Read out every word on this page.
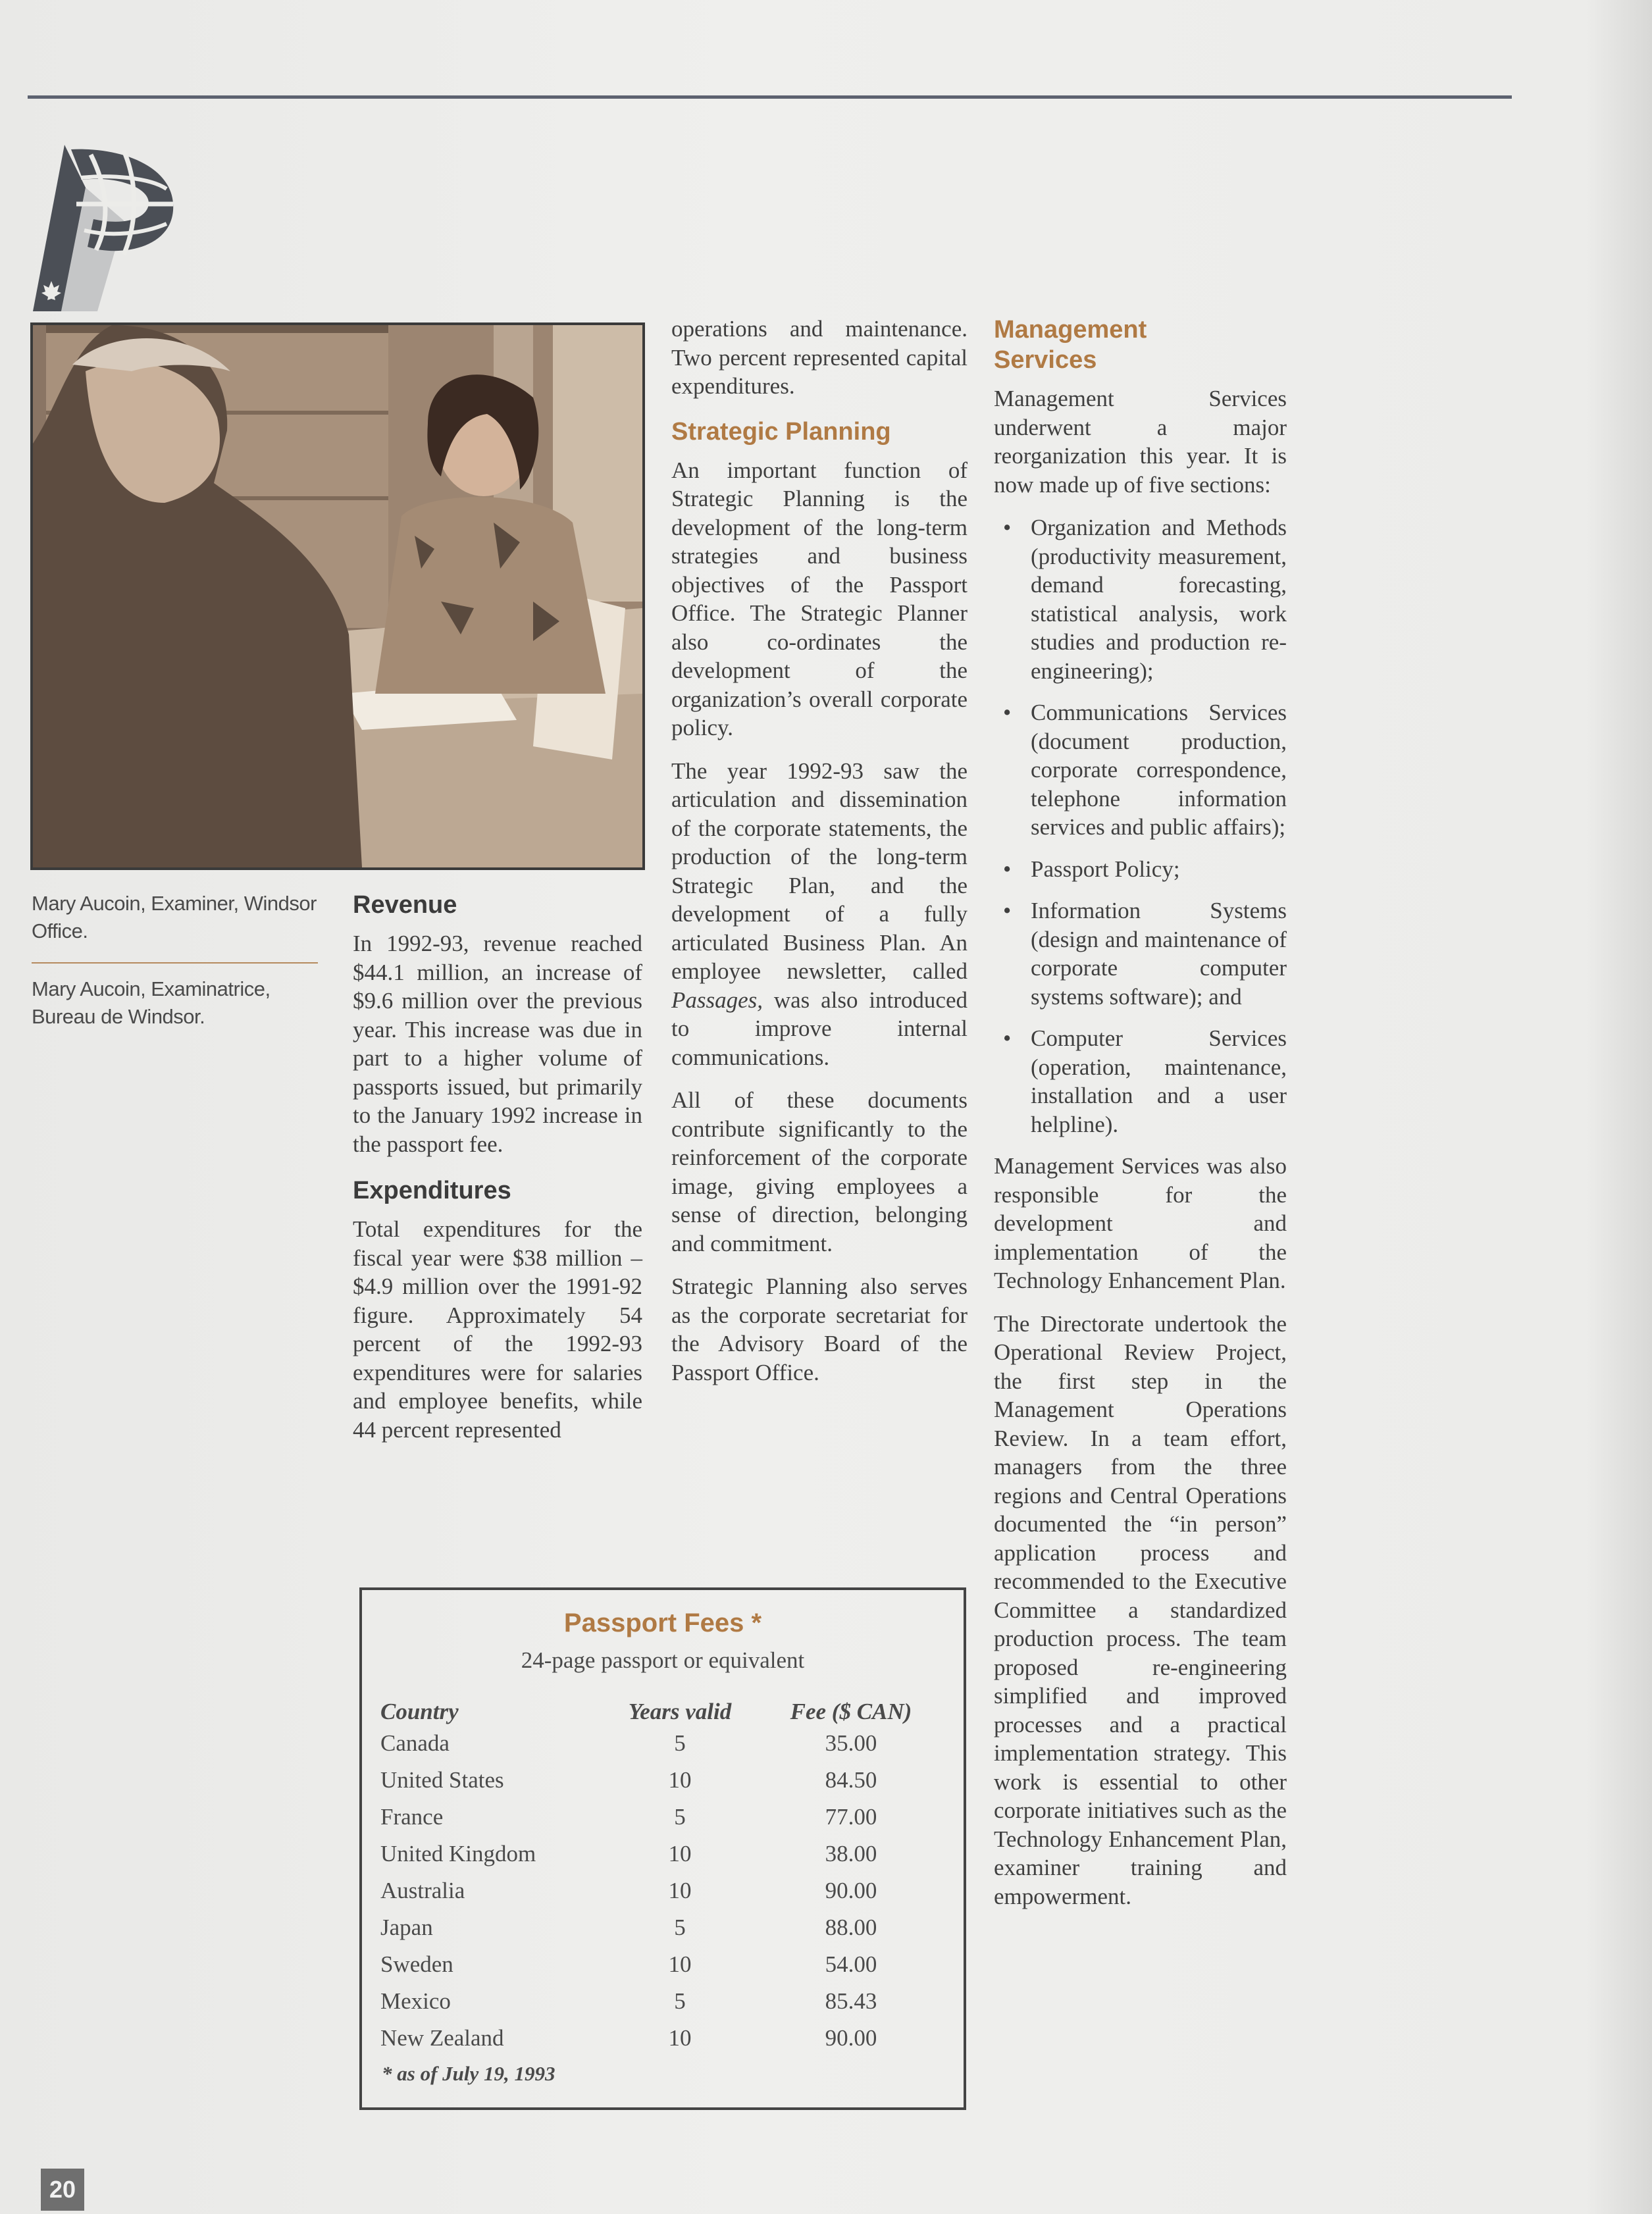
Mary Aucoin, Examiner, Windsor Office.
Mary Aucoin, Examinatrice, Bureau de Windsor.
Revenue

In 1992-93, revenue reached $44.1 million, an increase of $9.6 million over the previous year. This increase was due in part to a higher volume of passports issued, but primarily to the January 1992 increase in the passport fee.

Expenditures

Total expenditures for the fiscal year were $38 million – $4.9 million over the 1991-92 figure. Approximately 54 percent of the 1992-93 expenditures were for salaries and employee benefits, while 44 percent represented

operations and maintenance. Two percent represented capital expenditures.

Strategic Planning

An important function of Strategic Planning is the development of the long-term strategies and business objectives of the Passport Office. The Strategic Planner also co-ordinates the development of the organization’s overall corporate policy.

The year 1992-93 saw the articulation and dissemination of the corporate statements, the production of the long-term Strategic Plan, and the development of a fully articulated Business Plan. An employee newsletter, called Passages, was also introduced to improve internal communications.

All of these documents contribute significantly to the reinforcement of the corporate image, giving employees a sense of direction, belonging and commitment.

Strategic Planning also serves as the corporate secretariat for the Advisory Board of the Passport Office.

Management Services

Management Services underwent a major reorganization this year. It is now made up of five sections:

• Organization and Methods (productivity measurement, demand forecasting, statistical analysis, work studies and production re-engineering);
• Communications Services (document production, corporate correspondence, telephone information services and public affairs);
• Passport Policy;
• Information Systems (design and maintenance of corporate computer systems software); and
• Computer Services (operation, maintenance, installation and a user helpline).

Management Services was also responsible for the development and implementation of the Technology Enhancement Plan.

The Directorate undertook the Operational Review Project, the first step in the Management Operations Review. In a team effort, managers from the three regions and Central Operations documented the “in person” application process and recommended to the Executive Committee a standardized production process. The team proposed re-engineering simplified and improved processes and a practical implementation strategy. This work is essential to other corporate initiatives such as the Technology Enhancement Plan, examiner training and empowerment.

Passport Fees *
24-page passport or equivalent
Country	Years valid	Fee ($ CAN)
Canada	5	35.00
United States	10	84.50
France	5	77.00
United Kingdom	10	38.00
Australia	10	90.00
Japan	5	88.00
Sweden	10	54.00
Mexico	5	85.43
New Zealand	10	90.00
* as of July 19, 1993
20
